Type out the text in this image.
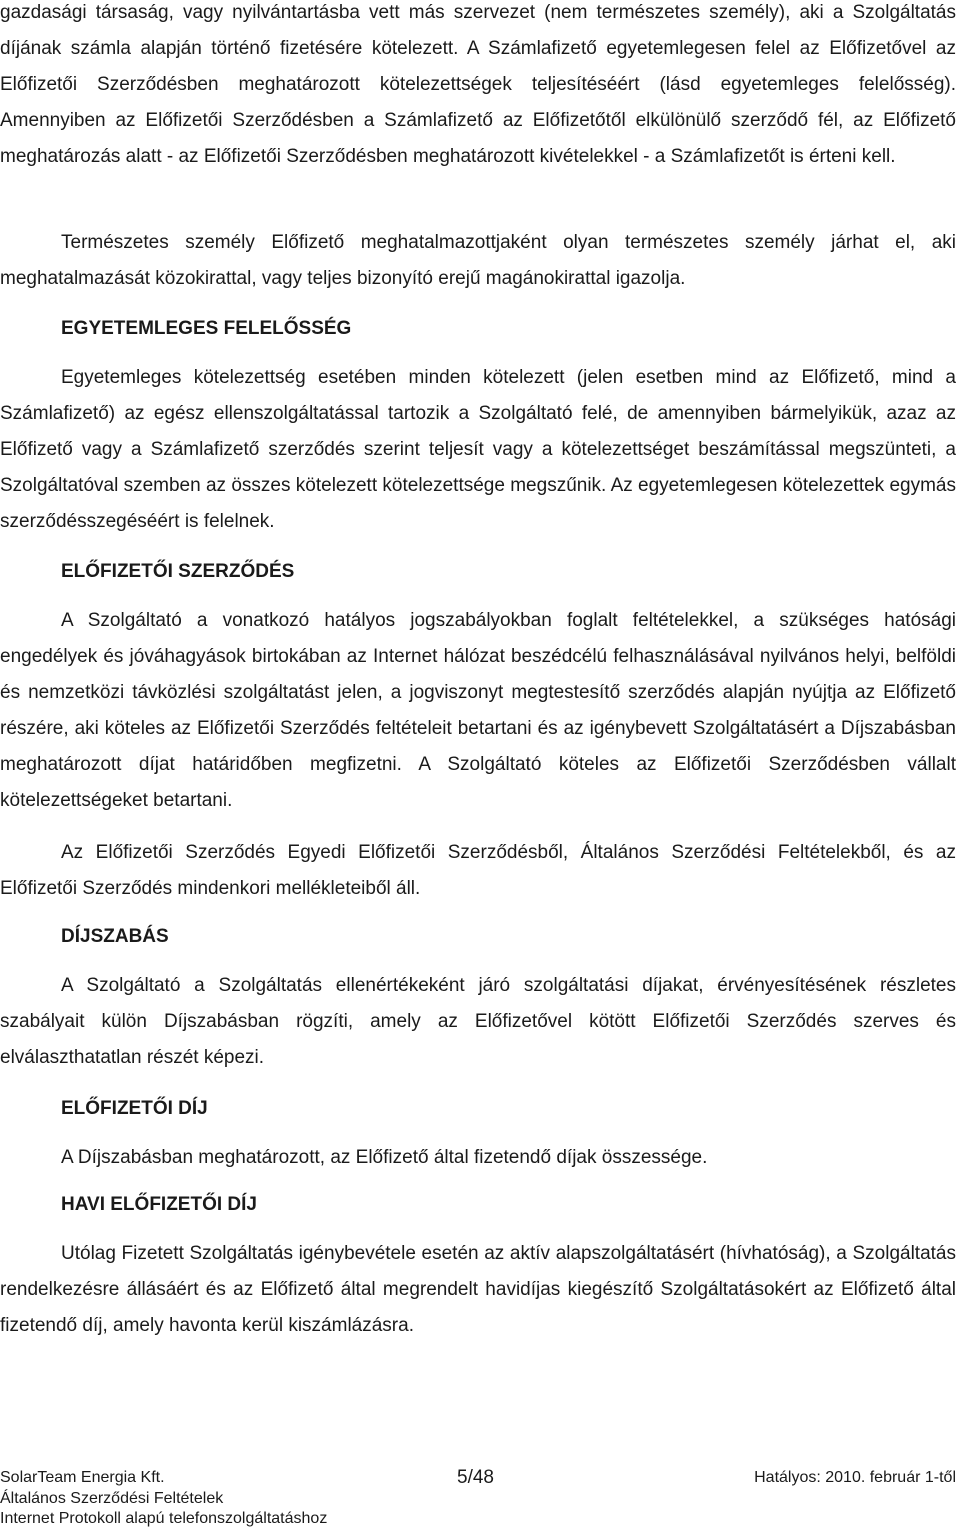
gazdasági társaság, vagy nyilvántartásba vett más szervezet (nem természetes személy), aki a Szolgáltatás díjának számla alapján történő fizetésére kötelezett. A Számlafizető egyetemlegesen felel az Előfizetővel az Előfizetői Szerződésben meghatározott kötelezettségek teljesítéséért (lásd egyetemleges felelősség). Amennyiben az Előfizetői Szerződésben a Számlafizető az Előfizetőtől elkülönülő szerződő fél, az Előfizető meghatározás alatt - az Előfizetői Szerződésben meghatározott kivételekkel - a Számlafizetőt is érteni kell.

Természetes személy Előfizető meghatalmazottjaként olyan természetes személy járhat el, aki meghatalmazását közokirattal, vagy teljes bizonyító erejű magánokirattal igazolja.

EGYETEMLEGES FELELŐSSÉG

Egyetemleges kötelezettség esetében minden kötelezett (jelen esetben mind az Előfizető, mind a Számlafizető) az egész ellenszolgáltatással tartozik a Szolgáltató felé, de amennyiben bármelyikük, azaz az Előfizető vagy a Számlafizető szerződés szerint teljesít vagy a kötelezettséget beszámítással megszünteti, a Szolgáltatóval szemben az összes kötelezett kötelezettsége megszűnik. Az egyetemlegesen kötelezettek egymás szerződésszegéséért is felelnek.

ELŐFIZETŐI SZERZŐDÉS

A Szolgáltató a vonatkozó hatályos jogszabályokban foglalt feltételekkel, a szükséges hatósági engedélyek és jóváhagyások birtokában az Internet hálózat beszédcélú felhasználásával nyilvános helyi, belföldi és nemzetközi távközlési szolgáltatást jelen, a jogviszonyt megtestesítő szerződés alapján nyújtja az Előfizető részére, aki köteles az Előfizetői Szerződés feltételeit betartani és az igénybevett Szolgáltatásért a Díjszabásban meghatározott díjat határidőben megfizetni. A Szolgáltató köteles az Előfizetői Szerződésben vállalt kötelezettségeket betartani.

Az Előfizetői Szerződés Egyedi Előfizetői Szerződésből, Általános Szerződési Feltételekből, és az Előfizetői Szerződés mindenkori mellékleteiből áll.

DÍJSZABÁS

A Szolgáltató a Szolgáltatás ellenértékeként járó szolgáltatási díjakat, érvényesítésének részletes szabályait külön Díjszabásban rögzíti, amely az Előfizetővel kötött Előfizetői Szerződés szerves és elválaszthatatlan részét képezi.

ELŐFIZETŐI DÍJ

A Díjszabásban meghatározott, az Előfizető által fizetendő díjak összessége.

HAVI ELŐFIZETŐI DÍJ

Utólag Fizetett Szolgáltatás igénybevétele esetén az aktív alapszolgáltatásért (hívhatóság), a Szolgáltatás rendelkezésre állásáért és az Előfizető által megrendelt havidíjas kiegészítő Szolgáltatásokért az Előfizető által fizetendő díj, amely havonta kerül kiszámlázásra.

SolarTeam Energia Kft.	5/48	Hatályos: 2010. február 1-től
Általános Szerződési Feltételek
Internet Protokoll alapú telefonszolgáltatáshoz
